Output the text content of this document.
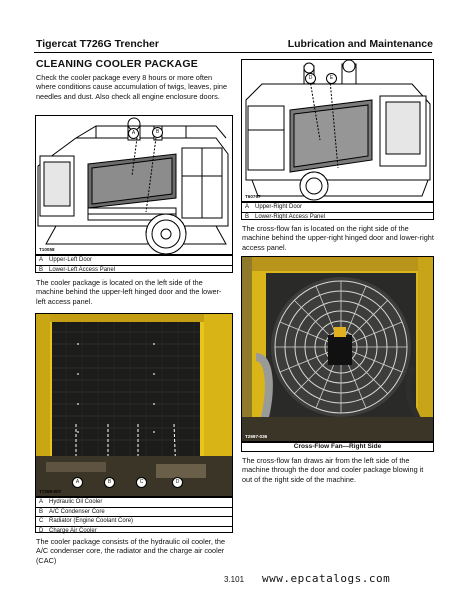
Tigercat T726G Trencher	Lubrication and Maintenance
CLEANING COOLER PACKAGE
Check the cooler package every 8 hours or more often where conditions cause accumulation of twigs, leaves, pine needles and dust. Also check all engine enclosure doors.
A	B
T10058
A Upper-Left Door
B Lower-Left Access Panel
The cooler package is located on the left side of the machine behind the upper-left hinged door and the lower-left access panel.
A	B	C	D
T7269-007
A Hydraulic Oil Cooler
B A/C Condenser Core
C Radiator (Engine Coolant Core)
D Charge Air Cooler
The cooler package consists of the hydraulic oil cooler, the A/C condenser core, the radiator and the charge air cooler (CAC)
D	E
T60767
A Upper-Right Door
B Lower-Right Access Panel
The cross-flow fan is located on the right side of the machine behind the upper-right hinged door and lower-right access panel.
T2697-036
Cross-Flow Fan—Right Side
The cross-flow fan draws air from the left side of the machine through the door and cooler package blowing it out of the right side of the machine.
3.101 www.epcatalogs.com
